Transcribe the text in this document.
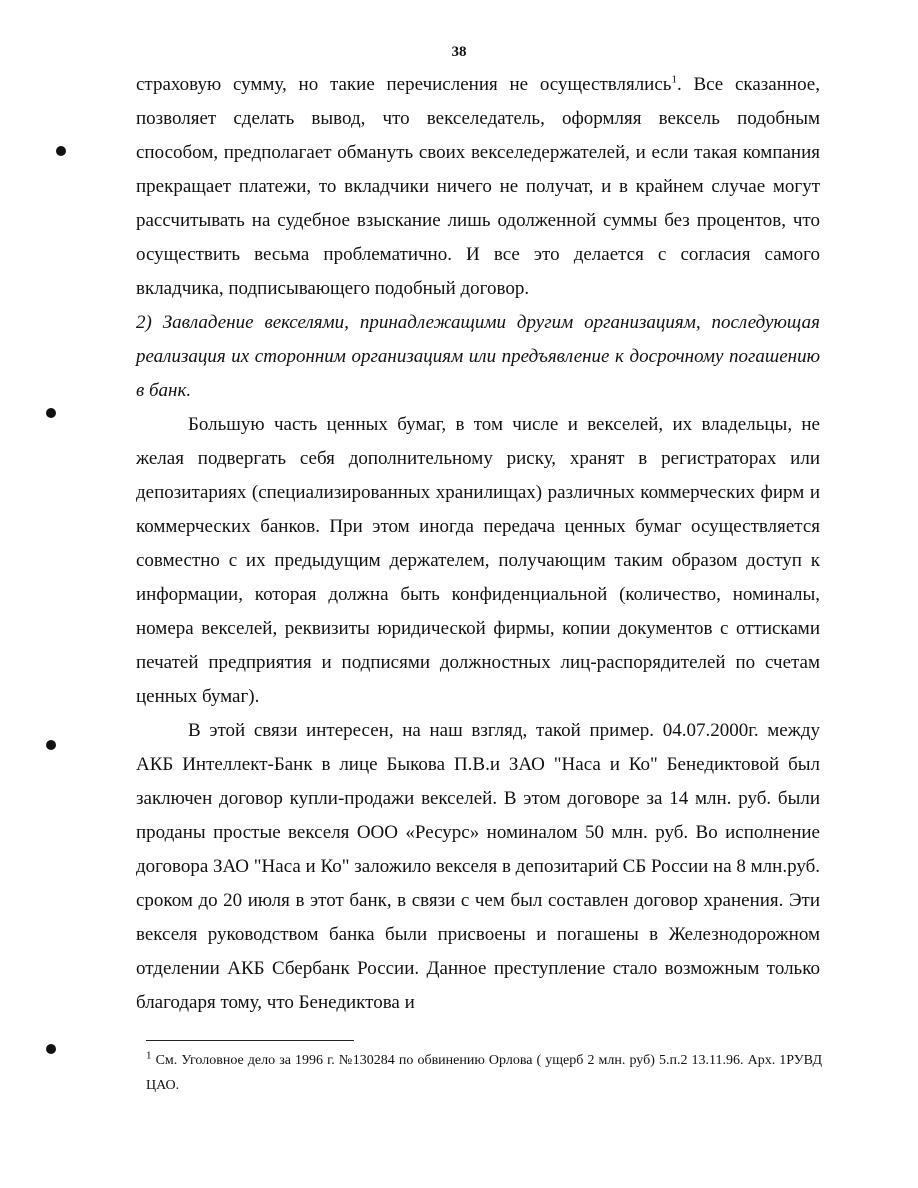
38

страховую сумму, но такие перечисления не осуществлялись$^1$. Все сказанное, позволяет сделать вывод, что векселедатель, оформляя вексель подобным способом, предполагает обмануть своих векселедержателей, и если такая компания прекращает платежи, то вкладчики ничего не получат, и в крайнем случае могут рассчитывать на судебное взыскание лишь одолженной суммы без процентов, что осуществить весьма проблематично. И все это делается с согласия самого вкладчика, подписывающего подобный договор.

2) Завладение векселями, принадлежащими другим организациям, последующая реализация их сторонним организациям или предъявление к досрочному погашению в банк.

Большую часть ценных бумаг, в том числе и векселей, их владельцы, не желая подвергать себя дополнительному риску, хранят в регистраторах или депозитариях (специализированных хранилищах) различных коммерческих фирм и коммерческих банков. При этом иногда передача ценных бумаг осуществляется совместно с их предыдущим держателем, получающим таким образом доступ к информации, которая должна быть конфиденциальной (количество, номиналы, номера векселей, реквизиты юридической фирмы, копии документов с оттисками печатей предприятия и подписями должностных лиц-распорядителей по счетам ценных бумаг).

В этой связи интересен, на наш взгляд, такой пример. 04.07.2000г. между АКБ Интеллект-Банк в лице Быкова П.В.и ЗАО "Наса и Ко" Бенедиктовой был заключен договор купли-продажи векселей. В этом договоре за 14 млн. руб. были проданы простые векселя ООО «Ресурс» номиналом 50 млн. руб. Во исполнение договора ЗАО "Наса и Ко" заложило векселя в депозитарий СБ России на 8 млн.руб. сроком до 20 июля в этот банк, в связи с чем был составлен договор хранения. Эти векселя руководством банка были присвоены и погашены в Железнодорожном отделении АКБ Сбербанк России. Данное преступление стало возможным только благодаря тому, что Бенедиктова и

$^1$ См. Уголовное дело за 1996 г. №130284 по обвинению Орлова ( ущерб 2 млн. руб) 5.п.2 13.11.96. Арх. 1РУВД ЦАО.
